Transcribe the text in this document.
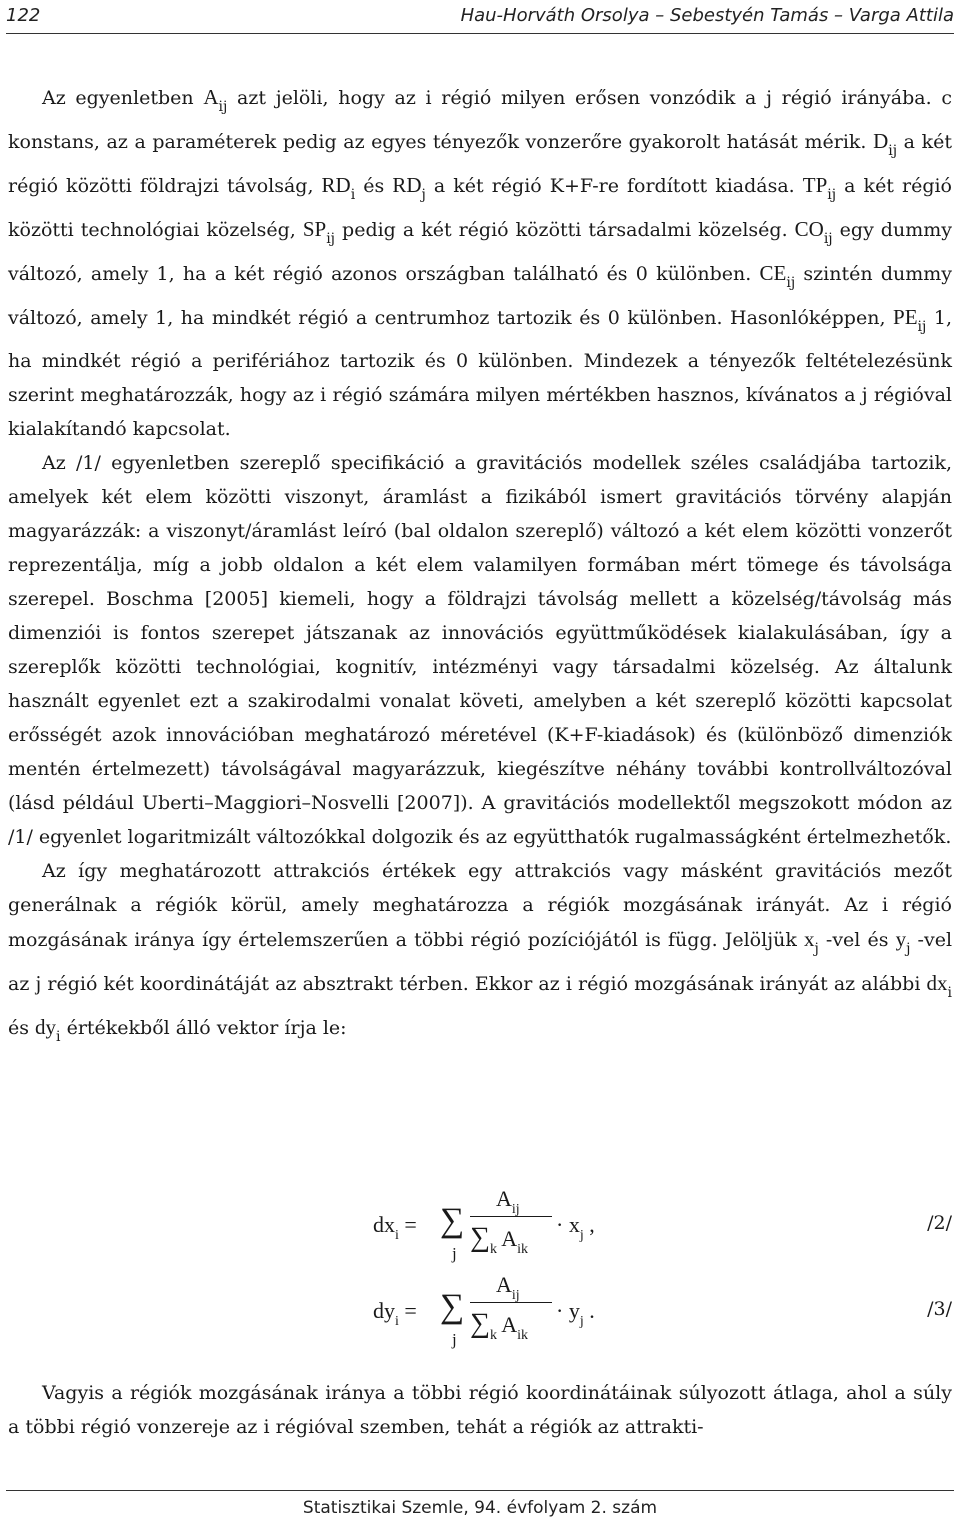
122	Hau-Horváth Orsolya – Sebestyén Tamás – Varga Attila

Az egyenletben $A_{ij}$ azt jelöli, hogy az i régió milyen erősen vonzódik a j régió irányába. c konstans, az a paraméterek pedig az egyes tényezők vonzerőre gyakorolt hatását mérik. $D_{ij}$ a két régió közötti földrajzi távolság, $RD_i$ és $RD_j$ a két régió K+F-re fordított kiadása. $TP_{ij}$ a két régió közötti technológiai közelség, $SP_{ij}$ pedig a két régió közötti társadalmi közelség. $CO_{ij}$ egy dummy változó, amely 1, ha a két régió azonos országban található és 0 különben. $CE_{ij}$ szintén dummy változó, amely 1, ha mindkét régió a centrumhoz tartozik és 0 különben. Hasonlóképpen, $PE_{ij}$ 1, ha mindkét régió a perifériához tartozik és 0 különben. Mindezek a tényezők feltételezésünk szerint meghatározzák, hogy az i régió számára milyen mértékben hasznos, kívánatos a j régióval kialakítandó kapcsolat.

Az /1/ egyenletben szereplő specifikáció a gravitációs modellek széles családjába tartozik, amelyek két elem közötti viszonyt, áramlást a fizikából ismert gravitációs törvény alapján magyarázzák: a viszonyt/áramlást leíró (bal oldalon szereplő) változó a két elem közötti vonzerőt reprezentálja, míg a jobb oldalon a két elem valamilyen formában mért tömege és távolsága szerepel. Boschma [2005] kiemeli, hogy a földrajzi távolság mellett a közelség/távolság más dimenziói is fontos szerepet játszanak az innovációs együttműködések kialakulásában, így a szereplők közötti technológiai, kognitív, intézményi vagy társadalmi közelség. Az általunk használt egyenlet ezt a szakirodalmi vonalat követi, amelyben a két szereplő közötti kapcsolat erősségét azok innovációban meghatározó méretével (K+F-kiadások) és (különböző dimenziók mentén értelmezett) távolságával magyarázzuk, kiegészítve néhány további kontrollváltozóval (lásd például Uberti–Maggiori–Nosvelli [2007]). A gravitációs modellektől megszokott módon az /1/ egyenlet logaritmizált változókkal dolgozik és az együtthatók rugalmasságként értelmezhetők.

Az így meghatározott attrakciós értékek egy attrakciós vagy másként gravitációs mezőt generálnak a régiók körül, amely meghatározza a régiók mozgásának irányát. Az i régió mozgásának iránya így értelemszerűen a többi régió pozíciójától is függ. Jelöljük $x_j$ -vel és $y_j$ -vel az j régió két koordinátáját az absztrakt térben. Ekkor az i régió mozgásának irányát az alábbi $dx_i$ és $dy_i$ értékekből álló vektor írja le:

$dx_i$ = ∑
j
$A_{ij}$
$\sum_k$ $A_{ik}$
· $x_j$ ,	/2/
$dy_i$ = ∑
j
$A_{ij}$
$\sum_k$ $A_{ik}$
· $y_j$ .	/3/

Vagyis a régiók mozgásának iránya a többi régió koordinátáinak súlyozott átlaga, ahol a súly a többi régió vonzereje az i régióval szemben, tehát a régiók az attrakti-

Statisztikai Szemle, 94. évfolyam 2. szám
